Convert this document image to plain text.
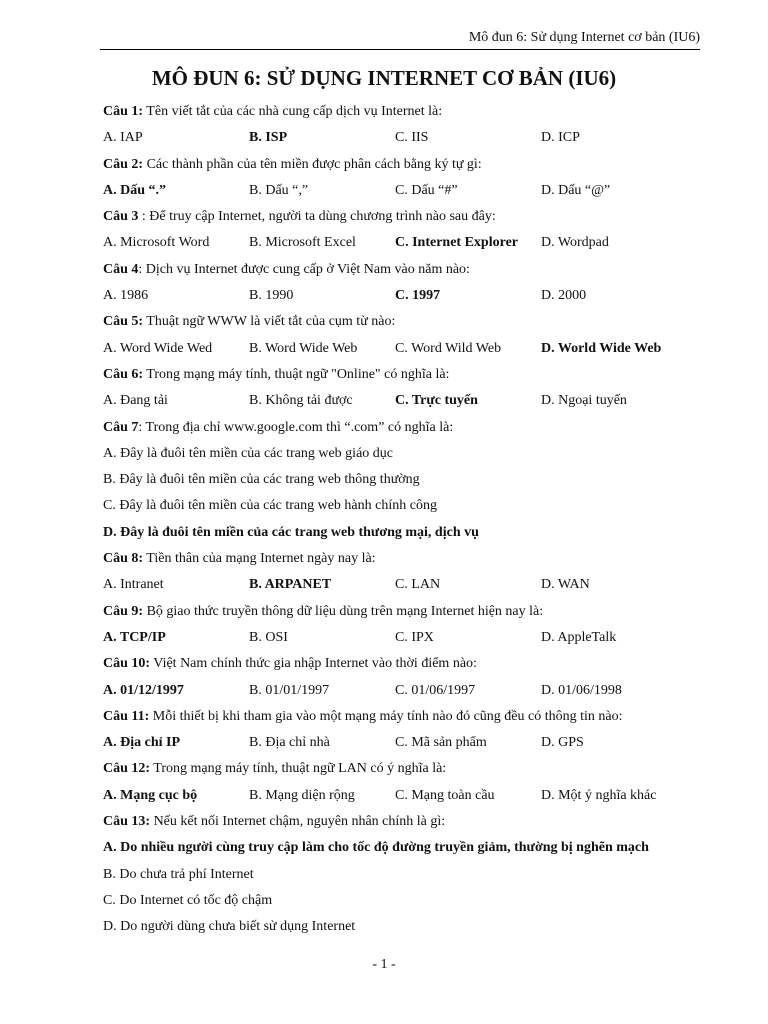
Mô đun 6: Sử dụng Internet cơ bản (IU6)
MÔ ĐUN 6: SỬ DỤNG INTERNET CƠ BẢN (IU6)
Câu 1: Tên viết tắt của các nhà cung cấp dịch vụ Internet là:
A. IAP	B. ISP	C. IIS	D. ICP
Câu 2: Các thành phần của tên miền được phân cách bằng ký tự gì:
A. Dấu “.”	B. Dấu “,”	C. Dấu “#”	D. Dấu “@”
Câu 3 : Để truy cập Internet, người ta dùng chương trình nào sau đây:
A. Microsoft Word	B. Microsoft Excel	C. Internet Explorer	D. Wordpad
Câu 4: Dịch vụ Internet được cung cấp ở Việt Nam vào năm nào:
A. 1986	B. 1990	C. 1997	D. 2000
Câu 5: Thuật ngữ WWW là viết tắt của cụm từ nào:
A. Word Wide Wed	B. Word Wide Web	C. Word Wild Web	D. World Wide Web
Câu 6: Trong mạng máy tính, thuật ngữ "Online" có nghĩa là:
A. Đang tải	B. Không tải được	C. Trực tuyến	D. Ngoại tuyến
Câu 7: Trong địa chỉ www.google.com thì “.com” có nghĩa là:
A. Đây là đuôi tên miền của các trang web giáo dục
B. Đây là đuôi tên miền của các trang web thông thường
C. Đây là đuôi tên miền của các trang web hành chính công
D. Đây là đuôi tên miền của các trang web thương mại, dịch vụ
Câu 8: Tiền thân của mạng Internet ngày nay là:
A. Intranet	B. ARPANET	C. LAN	D. WAN
Câu 9: Bộ giao thức truyền thông dữ liệu dùng trên mạng Internet hiện nay là:
A. TCP/IP	B. OSI	C. IPX	D. AppleTalk
Câu 10: Việt Nam chính thức gia nhập Internet vào thời điểm nào:
A. 01/12/1997	B. 01/01/1997	C. 01/06/1997	D. 01/06/1998
Câu 11: Mỗi thiết bị khi tham gia vào một mạng máy tính nào đó cũng đều có thông tin nào:
A. Địa chỉ IP	B. Địa chỉ nhà	C. Mã sản phẩm	D. GPS
Câu 12: Trong mạng máy tính, thuật ngữ LAN có ý nghĩa là:
A. Mạng cục bộ	B. Mạng diện rộng	C. Mạng toàn cầu	D. Một ý nghĩa khác
Câu 13: Nếu kết nối Internet chậm, nguyên nhân chính là gì:
A. Do nhiều người cùng truy cập làm cho tốc độ đường truyền giảm, thường bị nghẽn mạch
B. Do chưa trả phí Internet
C. Do Internet có tốc độ chậm
D. Do người dùng chưa biết sử dụng Internet
- 1 -
